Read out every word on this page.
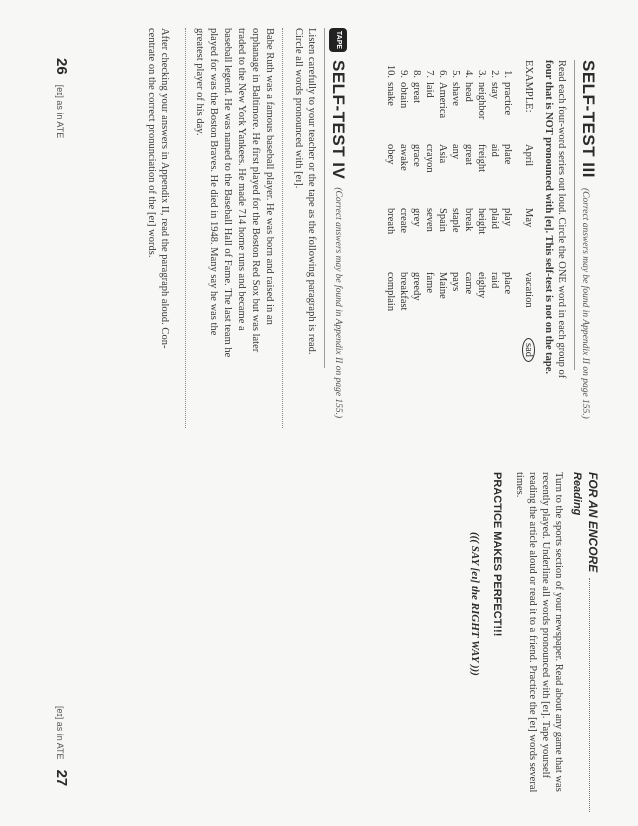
SELF-TEST III
(Correct answers may be found in Appendix II on page 155.)
Read each four-word series out loud. Circle the ONE word in each group of
four that is NOT pronounced with [eɪ]. This self-test is not on the tape.
EXAMPLE:		April	May	vacation	sad

1.	practice	plate	play	place	
2.	stay	aid	plaid	raid	
3.	neighbor	freight	height	eighty	
4.	head	great	break	came	
5.	shave	any	staple	pays	
6.	America	Asia	Spain	Maine	
7.	laid	crayon	seven	fame	
8.	great	grace	grey	greedy	
9.	obtain	awake	create	breakfast	
10.	snake	obey	breath	complain	
TAPE
SELF-TEST IV
(Correct answers may be found in Appendix II on page 155.)
Listen carefully to your teacher or the tape as the following paragraph is read.
Circle all words pronounced with [eɪ].
Babe Ruth was a famous baseball player. He was born and raised in an
orphanage in Baltimore. He first played for the Boston Red Sox but was later
traded to the New York Yankees. He made 714 home runs and became a
baseball legend. He was named to the Baseball Hall of Fame. The last team he
played for was the Boston Braves. He died in 1948. Many say he was the
greatest player of his day.
After checking your answers in Appendix II, read the paragraph aloud. Con-
centrate on the correct pronunciation of the [eɪ] words.
26
[eɪ] as in ATE
FOR AN ENCORE
Reading
Turn to the sports section of your newspaper. Read about any game that was
recently played. Underline all words pronounced with [eɪ]. Tape yourself
reading the article aloud or read it to a friend. Practice the [eɪ] words several
times.
PRACTICE MAKES PERFECT!!!
((( SAY [eɪ] the RIGHT WAY )))
[eɪ] as in ATE
27
